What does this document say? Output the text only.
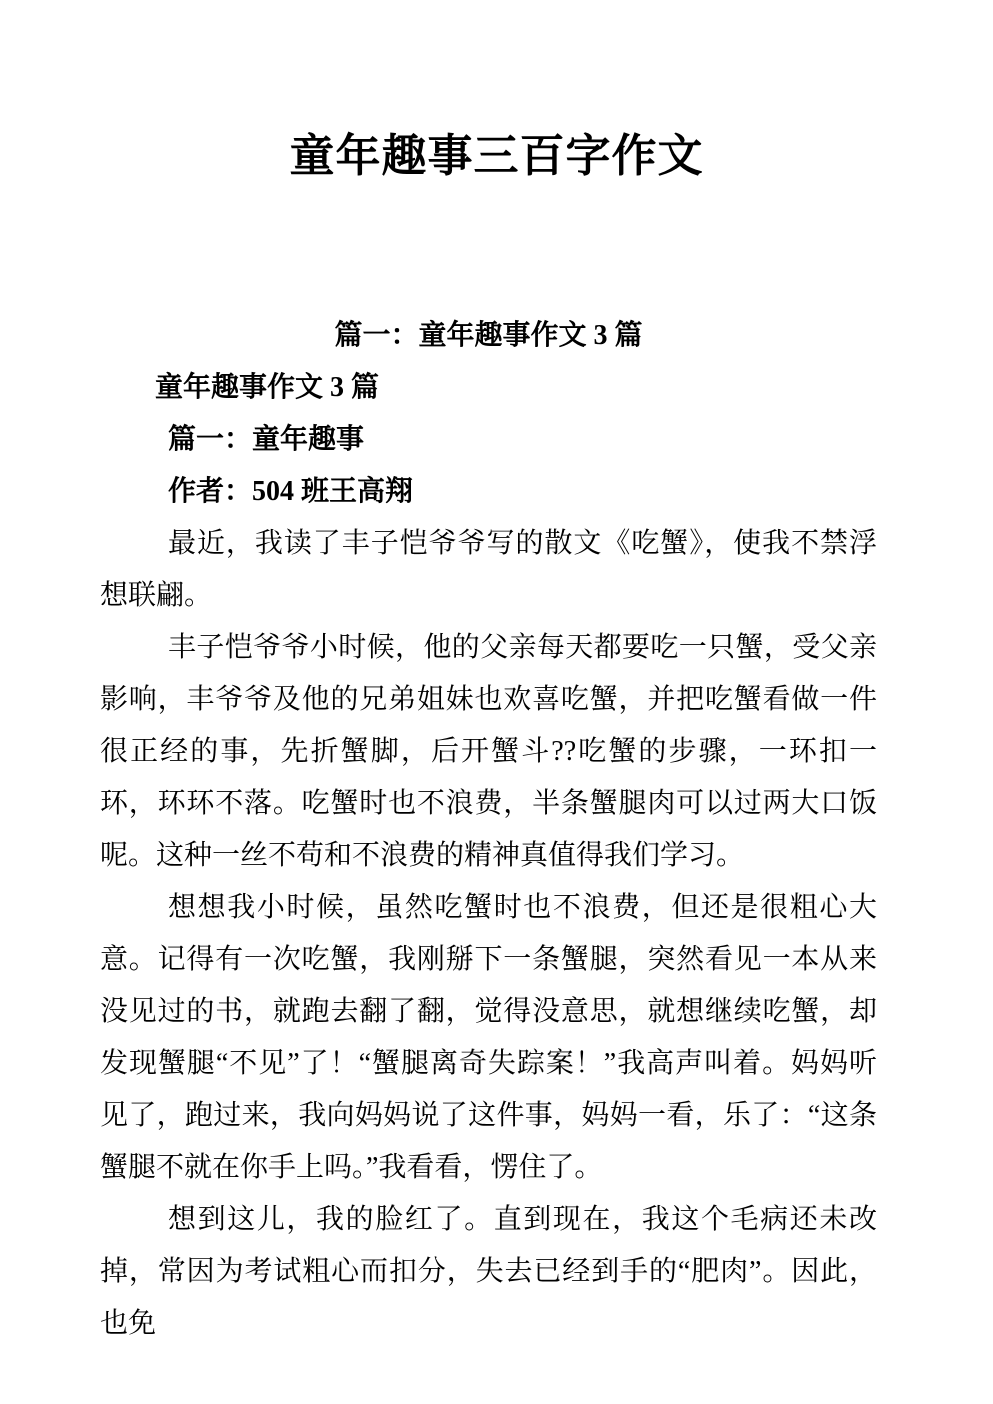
童年趣事三百字作文

篇一：童年趣事作文 3 篇

童年趣事作文 3 篇

篇一：童年趣事

作者：504 班王高翔

最近，我读了丰子恺爷爷写的散文《吃蟹》，使我不禁浮想联翩。

丰子恺爷爷小时候，他的父亲每天都要吃一只蟹，受父亲影响，丰爷爷及他的兄弟姐妹也欢喜吃蟹，并把吃蟹看做一件很正经的事，先折蟹脚，后开蟹斗??吃蟹的步骤，一环扣一环，环环不落。吃蟹时也不浪费，半条蟹腿肉可以过两大口饭呢。这种一丝不苟和不浪费的精神真值得我们学习。

想想我小时候，虽然吃蟹时也不浪费，但还是很粗心大意。记得有一次吃蟹，我刚掰下一条蟹腿，突然看见一本从来没见过的书，就跑去翻了翻，觉得没意思，就想继续吃蟹，却发现蟹腿“不见”了！“蟹腿离奇失踪案！”我高声叫着。妈妈听见了，跑过来，我向妈妈说了这件事，妈妈一看，乐了：“这条蟹腿不就在你手上吗。”我看看，愣住了。

想到这儿，我的脸红了。直到现在，我这个毛病还未改掉，常因为考试粗心而扣分，失去已经到手的“肥肉”。因此，也免
